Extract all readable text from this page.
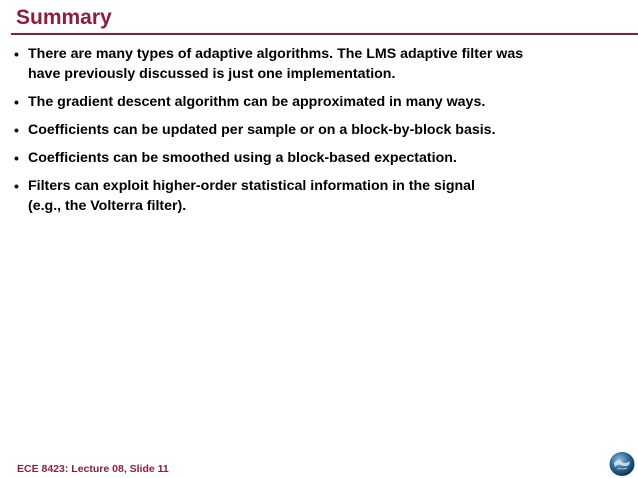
Summary
• There are many types of adaptive algorithms. The LMS adaptive filter was
have previously discussed is just one implementation.
• The gradient descent algorithm can be approximated in many ways.
• Coefficients can be updated per sample or on a block-by-block basis.
• Coefficients can be smoothed using a block-based expectation.
• Filters can exploit higher-order statistical information in the signal
(e.g., the Volterra filter).
ECE 8423: Lecture 08, Slide 11
